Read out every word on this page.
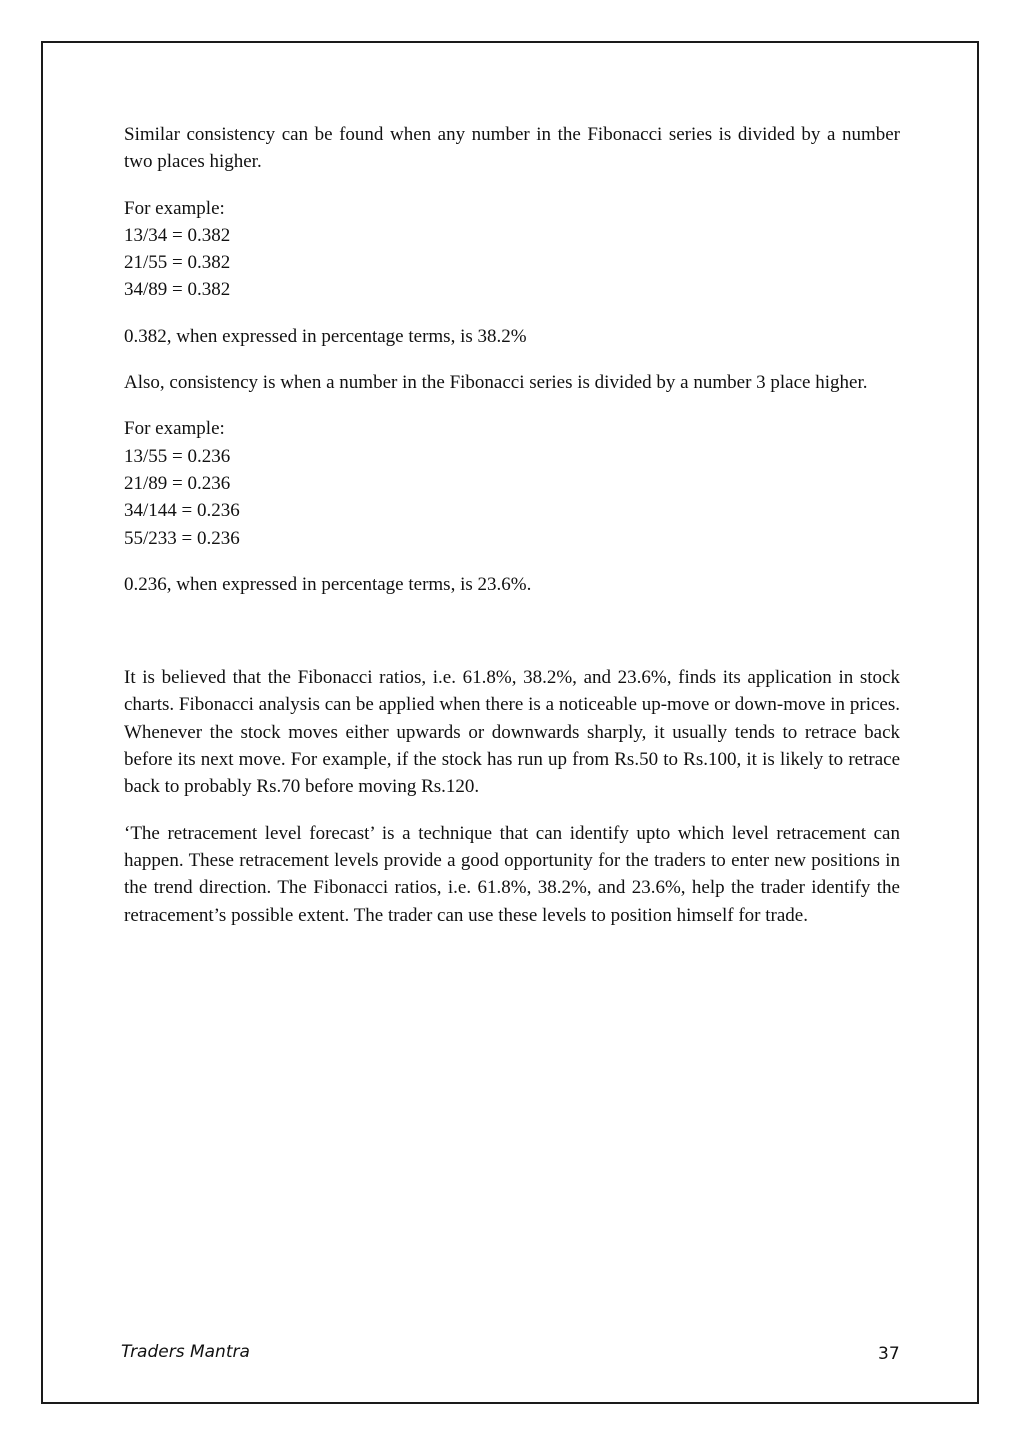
Similar consistency can be found when any number in the Fibonacci series is divided by a number two places higher.

For example:
13/34 = 0.382
21/55 = 0.382
34/89 = 0.382

0.382, when expressed in percentage terms, is 38.2%

Also, consistency is when a number in the Fibonacci series is divided by a number 3 place higher.

For example:
13/55 = 0.236
21/89 = 0.236
34/144 = 0.236
55/233 = 0.236

0.236, when expressed in percentage terms, is 23.6%.

It is believed that the Fibonacci ratios, i.e. 61.8%, 38.2%, and 23.6%, finds its application in stock charts. Fibonacci analysis can be applied when there is a noticeable up-move or down-move in prices. Whenever the stock moves either upwards or downwards sharply, it usually tends to retrace back before its next move. For example, if the stock has run up from Rs.50 to Rs.100, it is likely to retrace back to probably Rs.70 before moving Rs.120.

‘The retracement level forecast’ is a technique that can identify upto which level retracement can happen. These retracement levels provide a good opportunity for the traders to enter new positions in the trend direction. The Fibonacci ratios, i.e. 61.8%, 38.2%, and 23.6%, help the trader identify the retracement’s possible extent. The trader can use these levels to position himself for trade.

Traders Mantra	37
